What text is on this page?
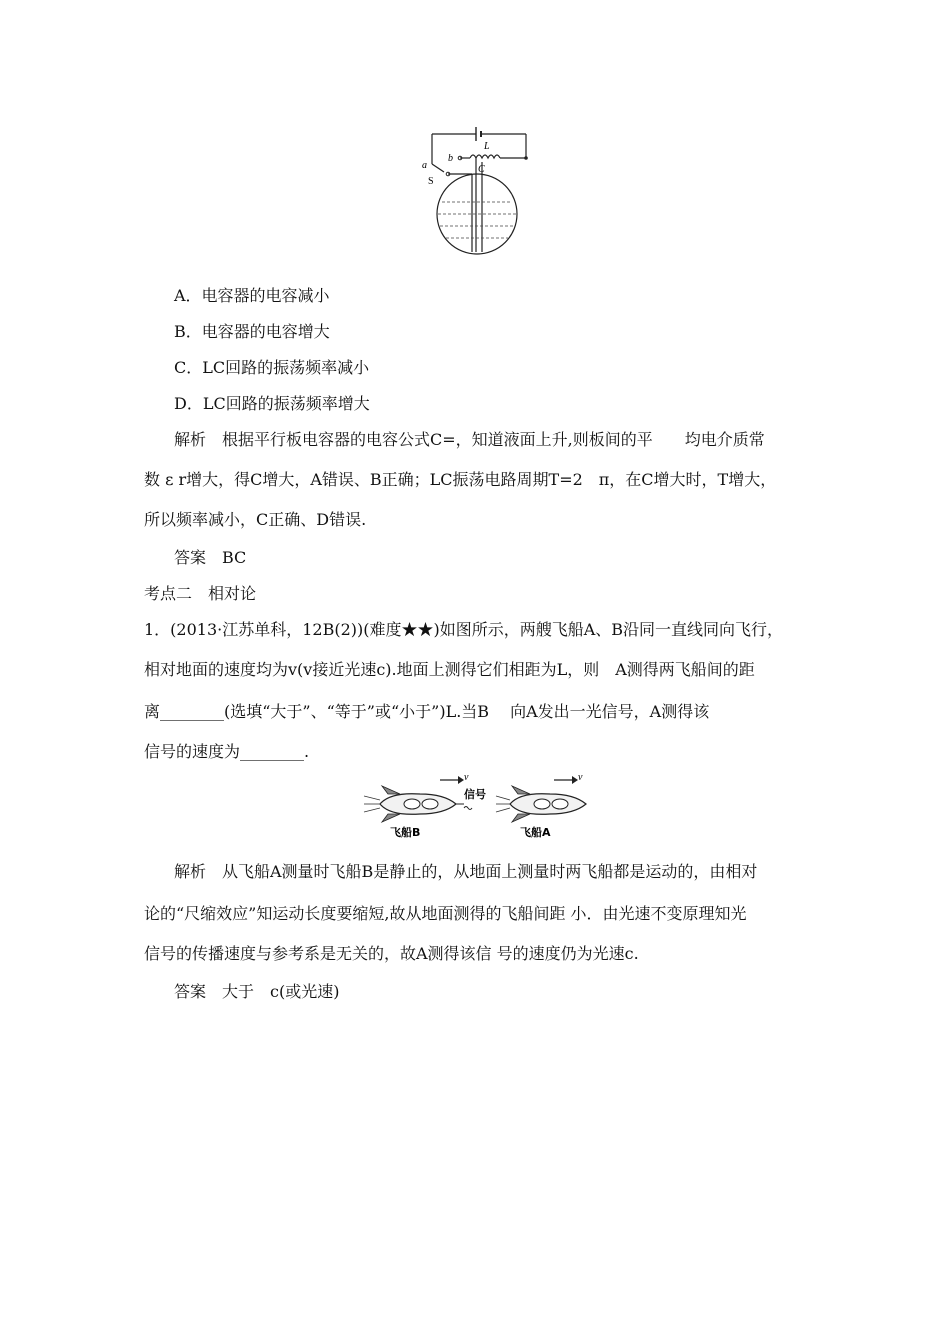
L
b
C
a
S
A．电容器的电容减小
B．电容器的电容增大
C．LC回路的振荡频率减小
D．LC回路的振荡频率增大
解析　根据平行板电容器的电容公式C=，知道液面上升,则板间的平　　均电介质常
数 ε r增大，得C增大，A错误、B正确；LC振荡电路周期T=2　π，在C增大时，T增大，
所以频率减小，C正确、D错误.
答案　BC
考点二　相对论
1．(2013·江苏单科，12B(2))(难度★★)如图所示，两艘飞船A、B沿同一直线同向飞行，
相对地面的速度均为v(v接近光速c).地面上测得它们相距为L，则　A测得两飞船间的距
离________(选填“大于”、“等于”或“小于”)L.当B　 向A发出一光信号，A测得该
信号的速度为________.
信号
v	v
飞船B	飞船A
解析　从飞船A测量时飞船B是静止的，从地面上测量时两飞船都是运动的，由相对
论的“尺缩效应”知运动长度要缩短,故从地面测得的飞船间距 小．由光速不变原理知光
信号的传播速度与参考系是无关的，故A测得该信 号的速度仍为光速c.
答案　大于　c(或光速)
